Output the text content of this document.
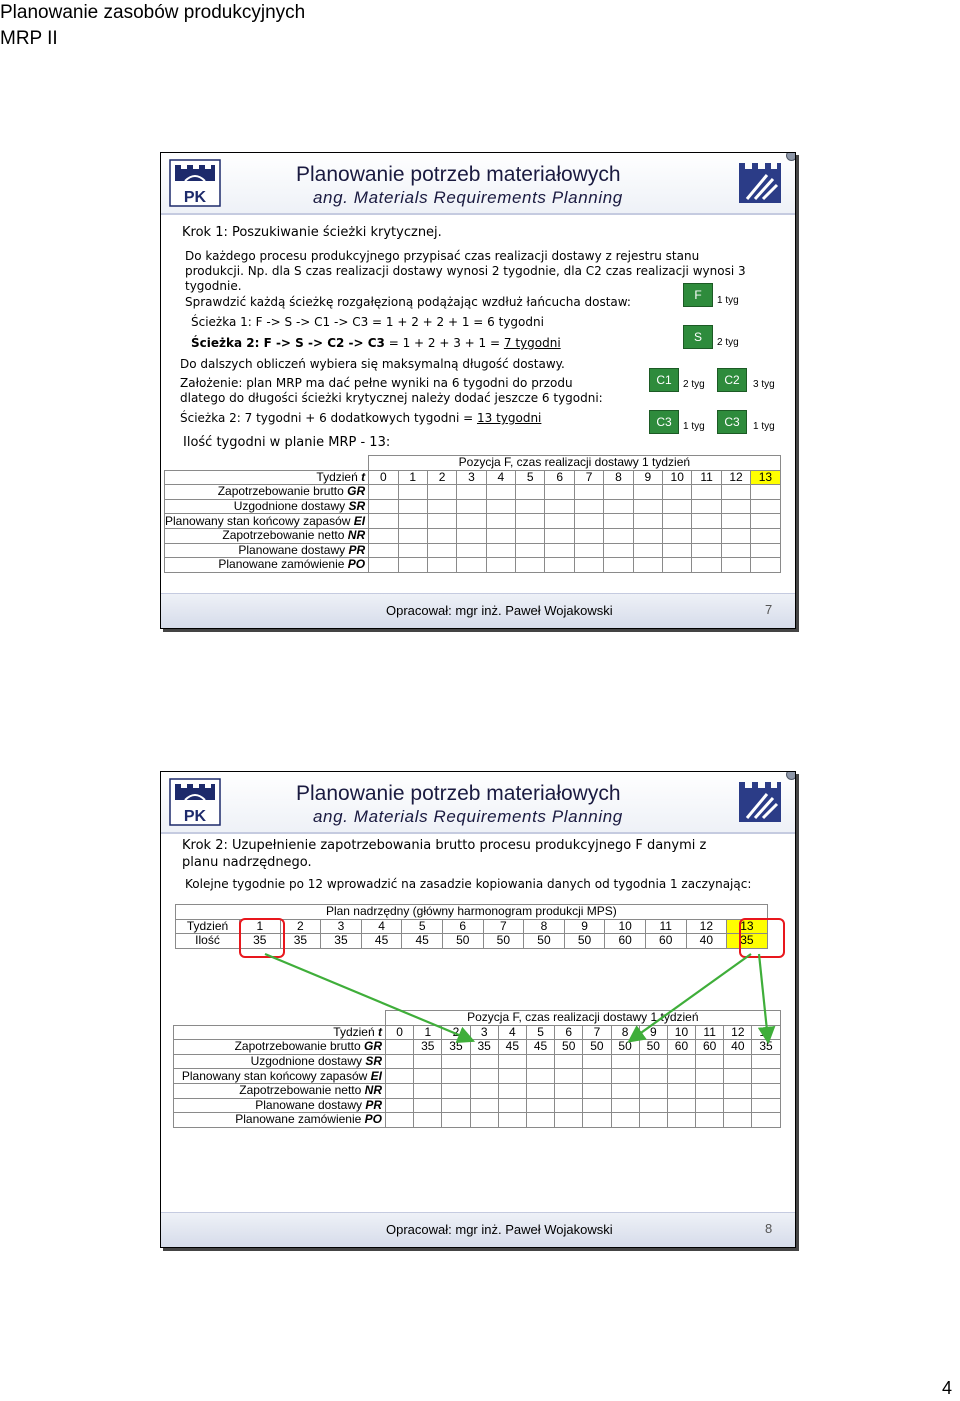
Planowanie zasobów produkcyjnych
MRP II
PK
Planowanie potrzeb materiałowych
ang. Materials Requirements Planning
Krok 1: Poszukiwanie ścieżki krytycznej.
Do każdego procesu produkcyjnego przypisać czas realizacji dostawy z rejestru stanu
produkcji. Np. dla S czas realizacji dostawy wynosi 2 tygodnie, dla C2 czas realizacji wynosi 3
tygodnie.
Sprawdzić każdą ścieżkę rozgałęzioną podążając wzdłuż łańcucha dostaw:
Ścieżka 1: F -> S -> C1 -> C3 = 1 + 2 + 2 + 1 = 6 tygodni
Ścieżka 2: F -> S -> C2 -> C3 = 1 + 2 + 3 + 1 = 7 tygodni
Do dalszych obliczeń wybiera się maksymalną długość dostawy.
Założenie: plan MRP ma dać pełne wyniki na 6 tygodni do przodu
dlatego do długości ścieżki krytycznej należy dodać jeszcze 6 tygodni:
Ścieżka 2: 7 tygodni + 6 dodatkowych tygodni = 13 tygodni
Ilość tygodni w planie MRP - 13:
F	1 tyg
S	2 tyg
C1	2 tyg	C2	3 tyg
C3	1 tyg	C3	1 tyg
	Pozycja F, czas realizacji dostawy 1 tydzień													
Tydzień t	0	1	2	3	4	5	6	7	8	9	10	11	12	13
Zapotrzebowanie brutto GR														
Uzgodnione dostawy SR														
Planowany stan końcowy zapasów EI														
Zapotrzebowanie netto NR														
Planowane dostawy PR														
Planowane zamówienie PO														
Opracował: mgr inż. Paweł Wojakowski	7
PK
Planowanie potrzeb materiałowych
ang. Materials Requirements Planning
Krok 2: Uzupełnienie zapotrzebowania brutto procesu produkcyjnego F danymi z
planu nadrzędnego.
Kolejne tygodnie po 12 wprowadzić na zasadzie kopiowania danych od tygodnia 1 zaczynając:
Plan nadrzędny (główny harmonogram produkcji MPS)													
Tydzień	1	2	3	4	5	6	7	8	9	10	11	12	13
Ilość	35	35	35	45	45	50	50	50	50	60	60	40	35
	Pozycja F, czas realizacji dostawy 1 tydzień													
Tydzień t	0	1	2	3	4	5	6	7	8	9	10	11	12	13
Zapotrzebowanie brutto GR		35	35	35	45	45	50	50	50	50	60	60	40	35
Uzgodnione dostawy SR														
Planowany stan końcowy zapasów EI														
Zapotrzebowanie netto NR														
Planowane dostawy PR														
Planowane zamówienie PO														
Opracował: mgr inż. Paweł Wojakowski	8
4
